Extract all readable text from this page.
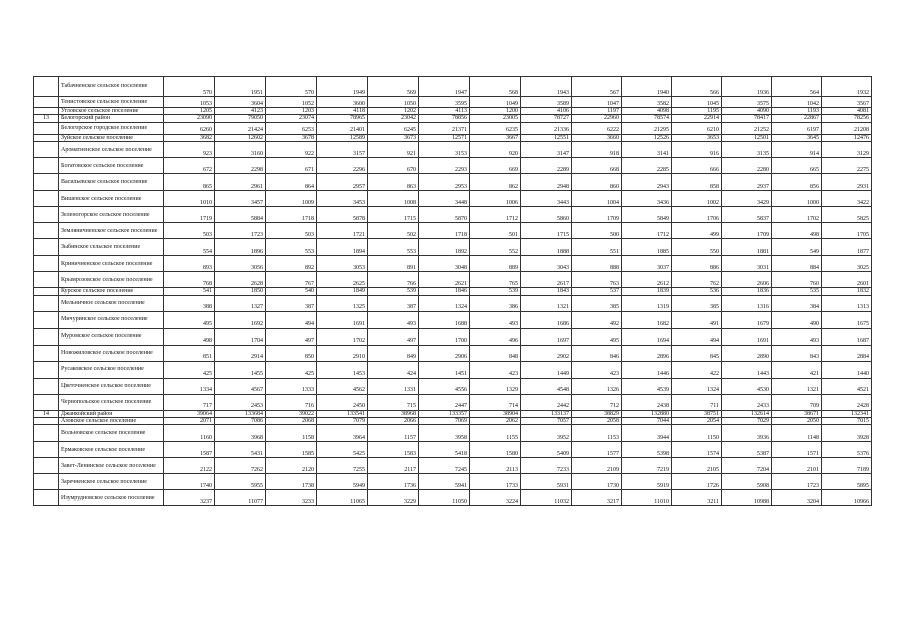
	Табачненское сельское поселение	570	1951	570	1949	569	1947	568	1943	567	1940	566	1936	564	1932
	Тенистовское сельское поселение	1053	3604	1052	3600	1050	3595	1049	3589	1047	3582	1045	3575	1042	3567
	Угловское сельское поселение	1205	4123	1203	4118	1202	4113	1200	4106	1197	4098	1195	4090	1193	4081
13	Белогорский район	23090	79050	23074	78965	23042	78856	23005	78727	22960	78574	22914	78417	22867	78256
	Белогорское городское поселение	6260	21424	6253	21401	6245	21371	6235	21336	6222	21295	6210	21252	6197	21208
	Зуйское сельское поселение	3682	12602	3678	12589	3673	12571	3667	12551	3660	12526	3653	12501	3645	12476
	Ароматненское сельское поселение	923	3160	922	3157	921	3153	920	3147	918	3141	916	3135	914	3129
	Богатовское сельское поселение	672	2298	671	2296	670	2293	669	2289	668	2285	666	2280	665	2275
	Васильевское сельское поселение	865	2961	864	2957	863	2953	862	2948	860	2943	858	2937	856	2931
	Вишенское сельское поселение	1010	3457	1009	3453	1008	3448	1006	3443	1004	3436	1002	3429	1000	3422
	Зеленогорское сельское поселение	1719	5884	1718	5878	1715	5870	1712	5860	1709	5849	1706	5837	1702	5825
	Земляничненское сельское поселение	503	1723	503	1721	502	1718	501	1715	500	1712	499	1709	498	1705
	Зыбинское сельское поселение	554	1896	553	1894	553	1892	552	1888	551	1885	550	1881	549	1877
	Криничненское сельское поселение	893	3056	892	3053	891	3048	889	3043	888	3037	886	3031	884	3025
	Крымрозовское сельское поселение	768	2628	767	2625	766	2621	765	2617	763	2612	762	2606	760	2601
	Курское сельское поселение	541	1850	540	1849	539	1846	539	1843	537	1839	536	1836	535	1832
	Мельничное сельское поселение	388	1327	387	1325	387	1324	386	1321	385	1319	385	1316	384	1313
	Мичуринское сельское поселение	495	1692	494	1691	493	1688	493	1686	492	1682	491	1679	490	1675
	Муромское сельское поселение	498	1704	497	1702	497	1700	496	1697	495	1694	494	1691	493	1687
	Новожиловское сельское поселение	851	2914	850	2910	849	2906	848	2902	846	2896	845	2890	843	2884
	Русаковское сельское поселение	425	1455	425	1453	424	1451	423	1449	423	1446	422	1443	421	1440
	Цветочненское сельское поселение	1334	4567	1333	4562	1331	4556	1329	4548	1326	4539	1324	4530	1321	4521
	Чернопольское сельское поселение	717	2453	716	2450	715	2447	714	2442	712	2438	711	2433	709	2428
14	Джанкойский район	39064	133684	39022	133541	38968	133357	38904	133137	38829	132880	38751	132614	38671	132341
	Азовское сельское поселение	2071	7086	2068	7079	2066	7069	2062	7057	2058	7044	2054	7029	2050	7015
	Вольновское сельское поселение	1160	3968	1158	3964	1157	3958	1155	3952	1153	3944	1150	3936	1148	3928
	Ермаковское сельское поселение	1587	5431	1585	5425	1583	5418	1580	5409	1577	5398	1574	5387	1571	5376
	Завет-Ленинское сельское поселение	2122	7262	2120	7255	2117	7245	2113	7233	2109	7219	2105	7204	2101	7189
	Заречненское сельское поселение	1740	5955	1738	5949	1736	5941	1733	5931	1730	5919	1726	5908	1723	5895
	Изумрудновское сельское поселение	3237	11077	3233	11065	3229	11050	3224	11032	3217	11010	3211	10988	3204	10966
